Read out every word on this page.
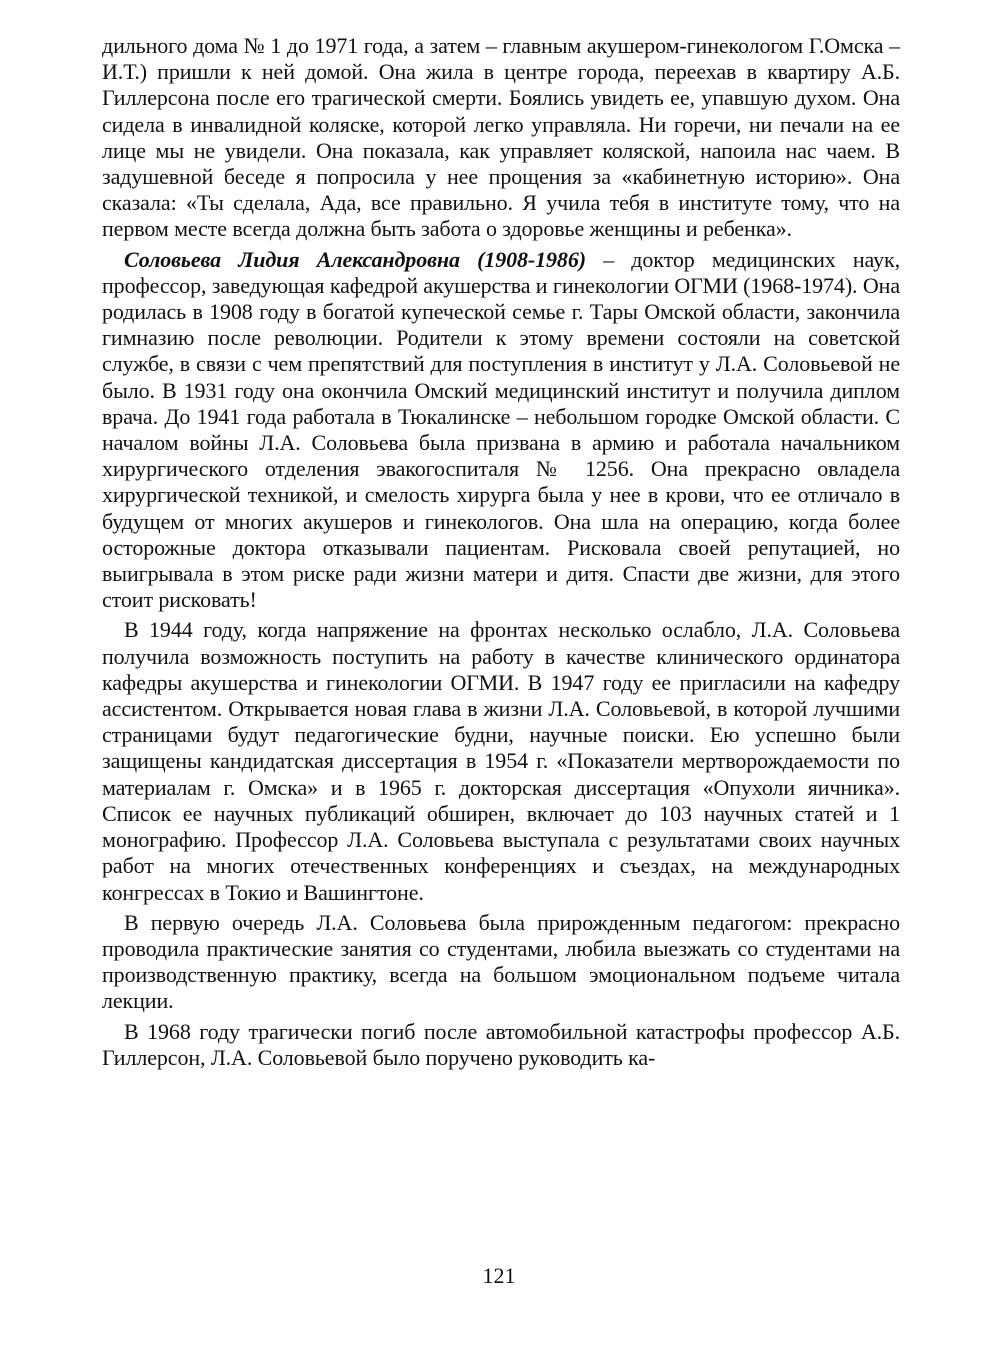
дильного дома № 1 до 1971 года, а затем – главным акушером-гинекологом Г.Омска – И.Т.) пришли к ней домой. Она жила в центре города, переехав в квартиру А.Б. Гиллерсона после его трагической смерти. Боялись увидеть ее, упавшую духом. Она сидела в инвалидной коляске, которой легко управляла. Ни горечи, ни печали на ее лице мы не увидели. Она показала, как управляет коляской, напоила нас чаем. В задушевной беседе я попросила у нее прощения за «кабинетную историю». Она сказала: «Ты сделала, Ада, все правильно. Я учила тебя в институте тому, что на первом месте всегда должна быть забота о здоровье женщины и ребенка».

Соловьева Лидия Александровна (1908-1986) – доктор медицинских наук, профессор, заведующая кафедрой акушерства и гинекологии ОГМИ (1968-1974). Она родилась в 1908 году в богатой купеческой семье г. Тары Омской области, закончила гимназию после революции. Родители к этому времени состояли на советской службе, в связи с чем препятствий для поступления в институт у Л.А. Соловьевой не было. В 1931 году она окончила Омский медицинский институт и получила диплом врача. До 1941 года работала в Тюкалинске – небольшом городке Омской области. С началом войны Л.А. Соловьева была призвана в армию и работала начальником хирургического отделения эвакогоспиталя № 1256. Она прекрасно овладела хирургической техникой, и смелость хирурга была у нее в крови, что ее отличало в будущем от многих акушеров и гинекологов. Она шла на операцию, когда более осторожные доктора отказывали пациентам. Рисковала своей репутацией, но выигрывала в этом риске ради жизни матери и дитя. Спасти две жизни, для этого стоит рисковать!

В 1944 году, когда напряжение на фронтах несколько ослабло, Л.А. Соловьева получила возможность поступить на работу в качестве клинического ординатора кафедры акушерства и гинекологии ОГМИ. В 1947 году ее пригласили на кафедру ассистентом. Открывается новая глава в жизни Л.А. Соловьевой, в которой лучшими страницами будут педагогические будни, научные поиски. Ею успешно были защищены кандидатская диссертация в 1954 г. «Показатели мертворождаемости по материалам г. Омска» и в 1965 г. докторская диссертация «Опухоли яичника». Список ее научных публикаций обширен, включает до 103 научных статей и 1 монографию. Профессор Л.А. Соловьева выступала с результатами своих научных работ на многих отечественных конференциях и съездах, на международных конгрессах в Токио и Вашингтоне.

В первую очередь Л.А. Соловьева была прирожденным педагогом: прекрасно проводила практические занятия со студентами, любила выезжать со студентами на производственную практику, всегда на большом эмоциональном подъеме читала лекции.

В 1968 году трагически погиб после автомобильной катастрофы профессор А.Б. Гиллерсон, Л.А. Соловьевой было поручено руководить ка-

121
